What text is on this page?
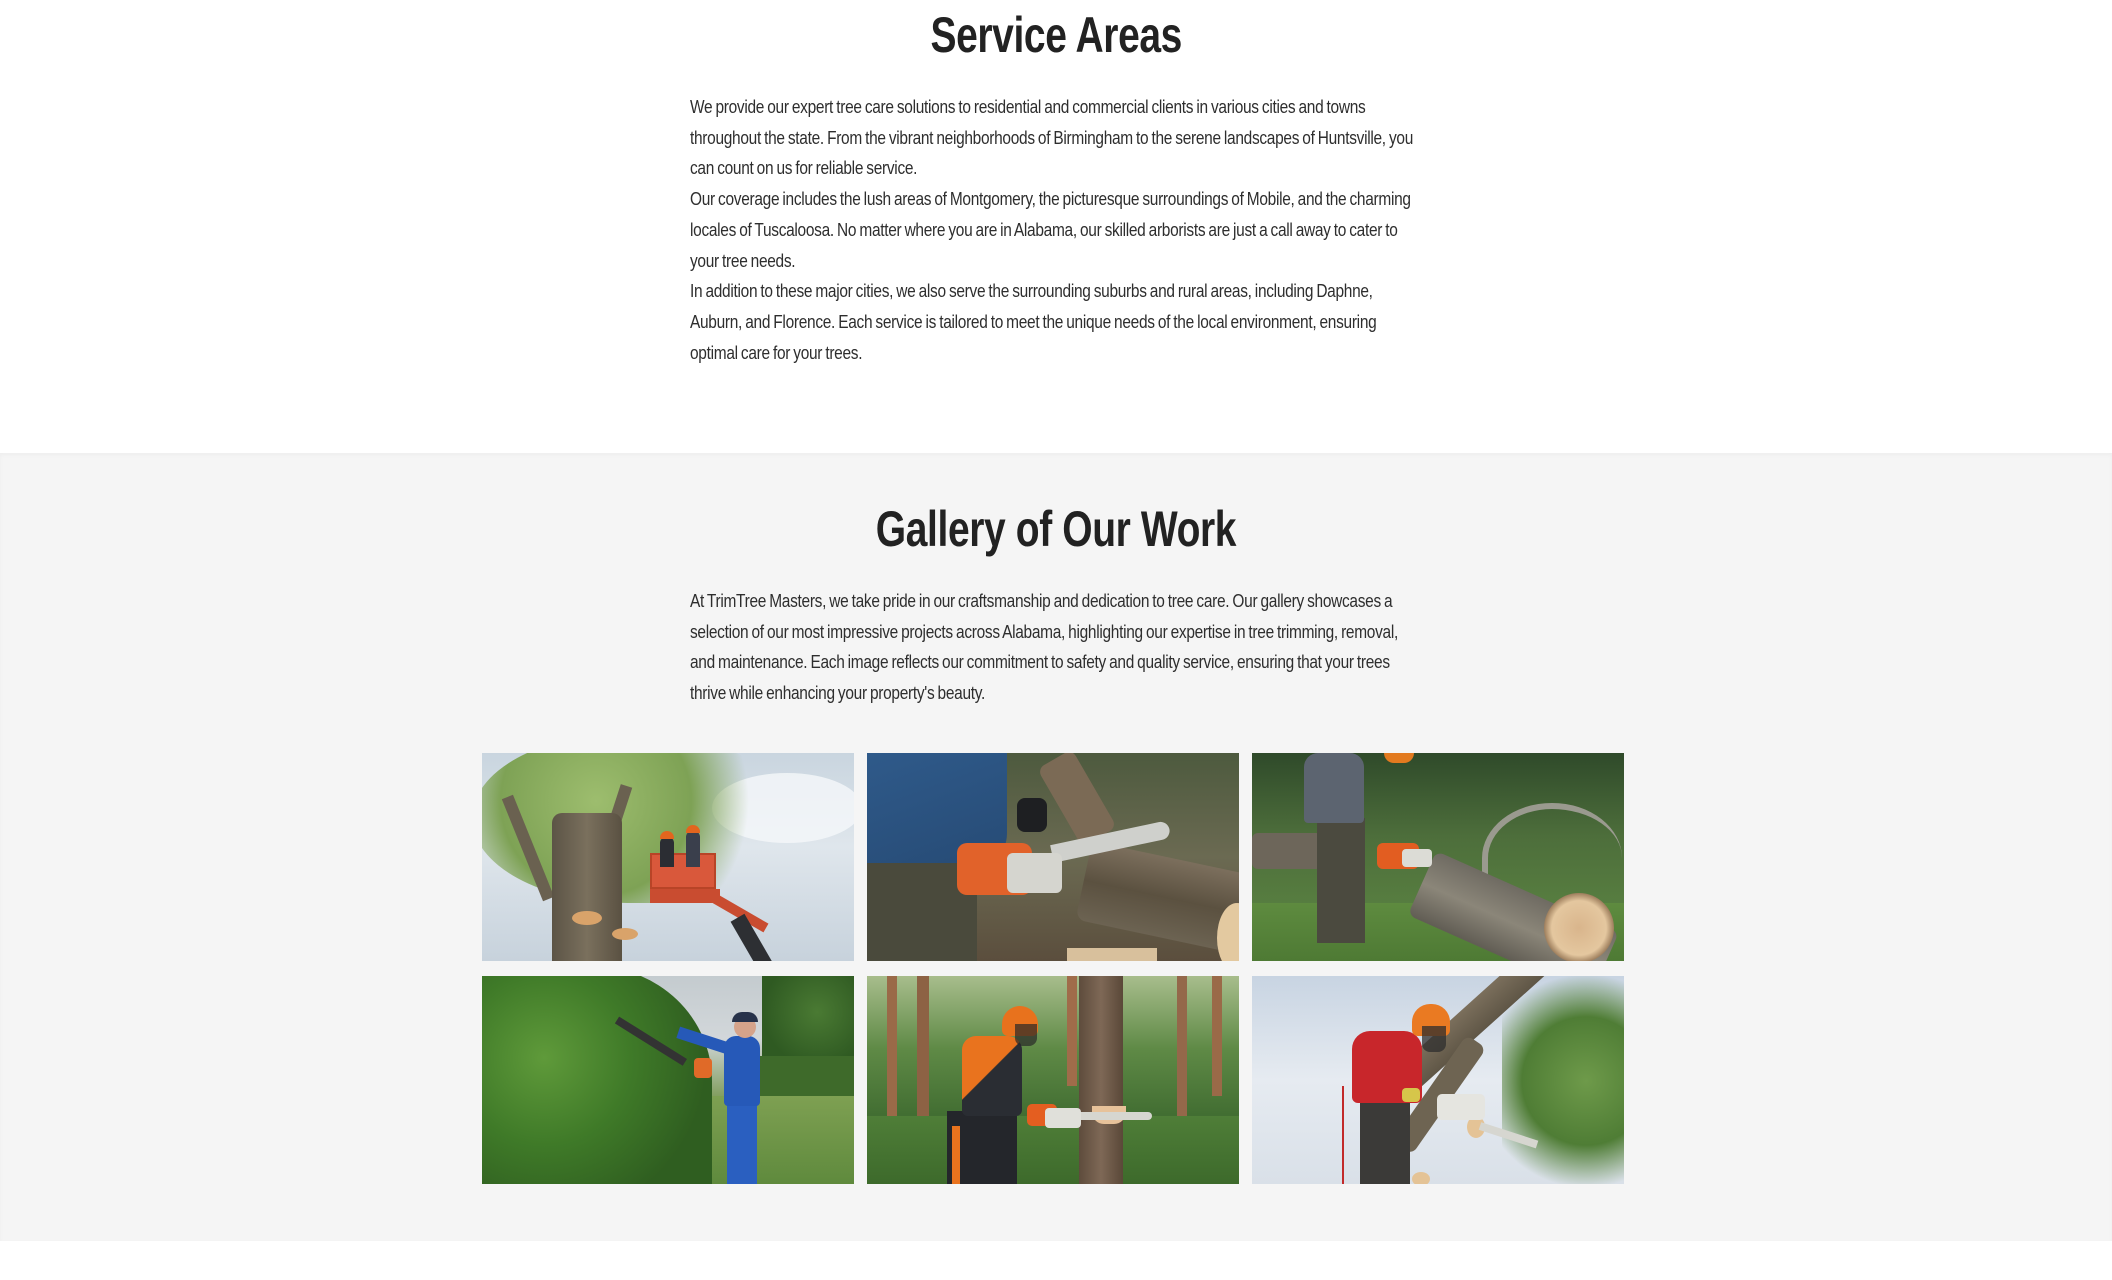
Service Areas

We provide our expert tree care solutions to residential and commercial clients in various cities and towns throughout the state. From the vibrant neighborhoods of Birmingham to the serene landscapes of Huntsville, you can count on us for reliable service.

Our coverage includes the lush areas of Montgomery, the picturesque surroundings of Mobile, and the charming locales of Tuscaloosa. No matter where you are in Alabama, our skilled arborists are just a call away to cater to your tree needs.

In addition to these major cities, we also serve the surrounding suburbs and rural areas, including Daphne, Auburn, and Florence. Each service is tailored to meet the unique needs of the local environment, ensuring optimal care for your trees.

Gallery of Our Work

At TrimTree Masters, we take pride in our craftsmanship and dedication to tree care. Our gallery showcases a selection of our most impressive projects across Alabama, highlighting our expertise in tree trimming, removal, and maintenance. Each image reflects our commitment to safety and quality service, ensuring that your trees thrive while enhancing your property's beauty.
